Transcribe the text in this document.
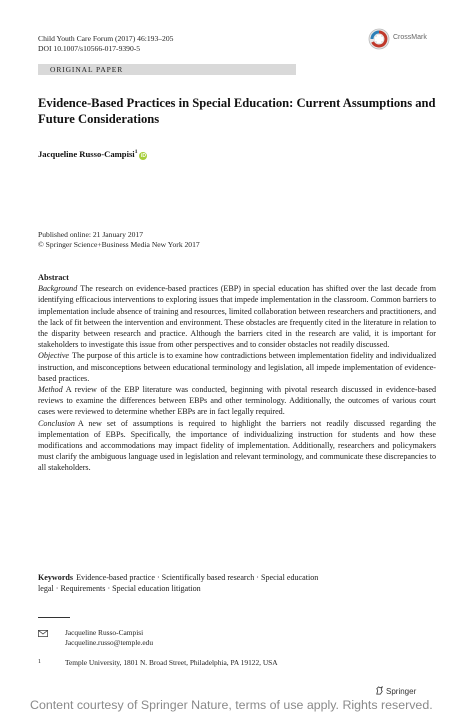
Child Youth Care Forum (2017) 46:193–205
DOI 10.1007/s10566-017-9390-5
CrossMark
ORIGINAL PAPER
Evidence-Based Practices in Special Education: Current Assumptions and Future Considerations
Jacqueline Russo-Campisi$^1$iD
Published online: 21 January 2017
© Springer Science+Business Media New York 2017
Abstract

Background The research on evidence-based practices (EBP) in special education has shifted over the last decade from identifying efficacious interventions to exploring issues that impede implementation in the classroom. Common barriers to implementation include absence of training and resources, limited collaboration between researchers and practitioners, and the lack of fit between the intervention and environment. These obstacles are frequently cited in the literature in relation to the disparity between research and practice. Although the barriers cited in the research are valid, it is important for stakeholders to investigate this issue from other perspectives and to consider obstacles not readily discussed.

Objective The purpose of this article is to examine how contradictions between implementation fidelity and individualized instruction, and misconceptions between educational terminology and legislation, all impede implementation of evidence-based practices.

Method A review of the EBP literature was conducted, beginning with pivotal research discussed in evidence-based reviews to examine the differences between EBPs and other terminology. Additionally, the outcomes of various court cases were reviewed to determine whether EBPs are in fact legally required.

Conclusion A new set of assumptions is required to highlight the barriers not readily discussed regarding the implementation of EBPs. Specifically, the importance of individualizing instruction for students and how these modifications and accommodations may impact fidelity of implementation. Additionally, researchers and policymakers must clarify the ambiguous language used in legislation and relevant terminology, and communicate these discrepancies to all stakeholders.

Keywords Evidence-based practice · Scientifically based research · Special education
legal · Requirements · Special education litigation
Jacqueline Russo-Campisi
Jacqueline.russo@temple.edu
1	Temple University, 1801 N. Broad Street, Philadelphia, PA 19122, USA
Springer
Content courtesy of Springer Nature, terms of use apply. Rights reserved.
